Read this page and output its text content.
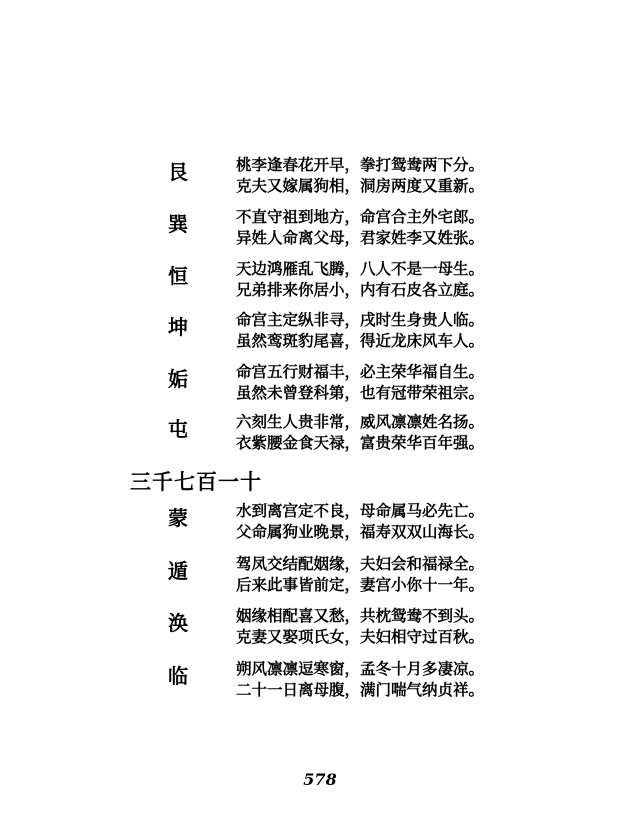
艮	桃李逢春花开早，拳打鸳鸯两下分。
克夫又嫁属狗相，洞房两度又重新。
巽	不直守祖到地方，命宫合主外宅郎。
异姓人命离父母，君家姓李又姓张。
恒	天边鸿雁乱飞腾，八人不是一母生。
兄弟排来你居小，内有石皮各立庭。
坤	命宫主定纵非寻，戌时生身贵人临。
虽然鸾斑豹尾喜，得近龙床风车人。
姤	命宫五行财福丰，必主荣华福自生。
虽然未曾登科第，也有冠带荣祖宗。
屯	六刻生人贵非常，威风凛凛姓名扬。
衣紫腰金食天禄，富贵荣华百年强。
三千七百一十
蒙	水到离宫定不良，母命属马必先亡。
父命属狗业晚景，福寿双双山海长。
遁	驾凤交结配姻缘，夫妇会和福禄全。
后来此事皆前定，妻宫小你十一年。
涣	姻缘相配喜又愁，共枕鸳鸯不到头。
克妻又娶项氏女，夫妇相守过百秋。
临	朔风凛凛逗寒窗，孟冬十月多凄凉。
二十一日离母腹，满门喘气纳贞祥。
578
